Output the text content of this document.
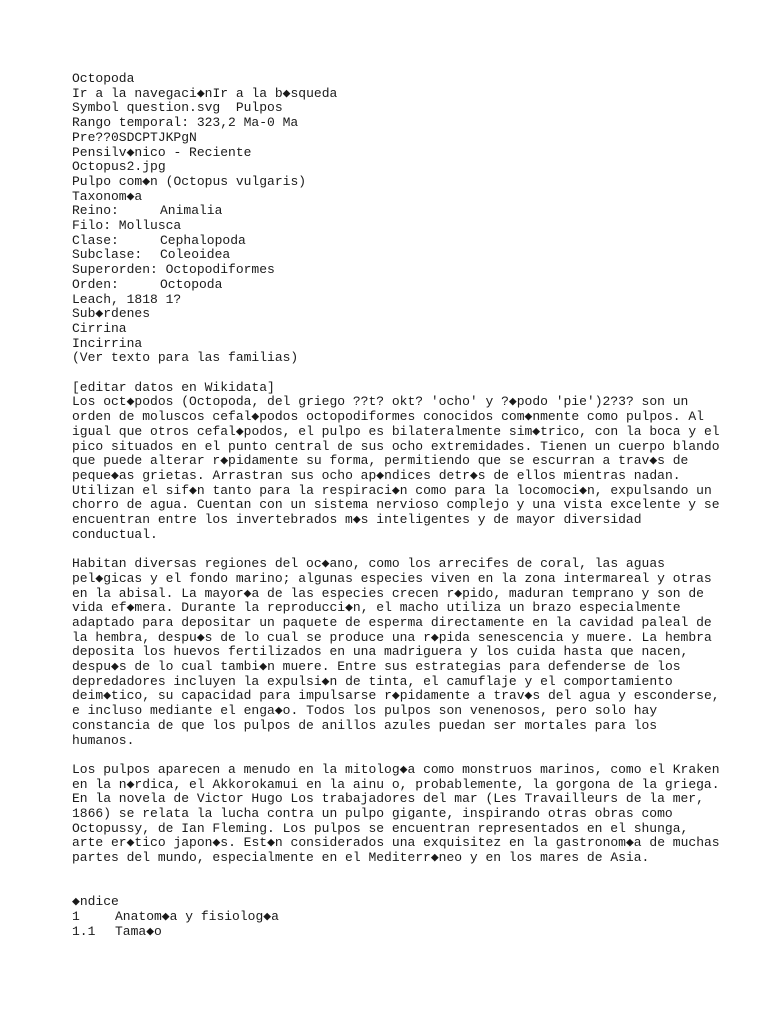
Octopoda
Ir a la navegaci◆nIr a la b◆squeda
Symbol question.svg  Pulpos
Rango temporal: 323,2 Ma-0 Ma
Pre??0SDCPTJKPgN
Pensilv◆nico - Reciente
Octopus2.jpg
Pulpo com◆n (Octopus vulgaris)
Taxonom◆a
Reino:	Animalia
Filo: Mollusca
Clase:	Cephalopoda
Subclase: Coleoidea
Superorden: Octopodiformes
Orden:	Octopoda
Leach, 1818 1?
Sub◆rdenes
Cirrina
Incirrina
(Ver texto para las familias)
[editar datos en Wikidata]
Los oct◆podos (Octopoda, del griego ??t? okt? 'ocho' y ?◆podo 'pie')2?3? son un
orden de moluscos cefal◆podos octopodiformes conocidos com◆nmente como pulpos. Al
igual que otros cefal◆podos, el pulpo es bilateralmente sim◆trico, con la boca y el
pico situados en el punto central de sus ocho extremidades. Tienen un cuerpo blando
que puede alterar r◆pidamente su forma, permitiendo que se escurran a trav◆s de
peque◆as grietas. Arrastran sus ocho ap◆ndices detr◆s de ellos mientras nadan.
Utilizan el sif◆n tanto para la respiraci◆n como para la locomoci◆n, expulsando un
chorro de agua. Cuentan con un sistema nervioso complejo y una vista excelente y se
encuentran entre los invertebrados m◆s inteligentes y de mayor diversidad
conductual.
Habitan diversas regiones del oc◆ano, como los arrecifes de coral, las aguas
pel◆gicas y el fondo marino; algunas especies viven en la zona intermareal y otras
en la abisal. La mayor◆a de las especies crecen r◆pido, maduran temprano y son de
vida ef◆mera. Durante la reproducci◆n, el macho utiliza un brazo especialmente
adaptado para depositar un paquete de esperma directamente en la cavidad paleal de
la hembra, despu◆s de lo cual se produce una r◆pida senescencia y muere. La hembra
deposita los huevos fertilizados en una madriguera y los cuida hasta que nacen,
despu◆s de lo cual tambi◆n muere. Entre sus estrategias para defenderse de los
depredadores incluyen la expulsi◆n de tinta, el camuflaje y el comportamiento
deim◆tico, su capacidad para impulsarse r◆pidamente a trav◆s del agua y esconderse,
e incluso mediante el enga◆o. Todos los pulpos son venenosos, pero solo hay
constancia de que los pulpos de anillos azules puedan ser mortales para los
humanos.
Los pulpos aparecen a menudo en la mitolog◆a como monstruos marinos, como el Kraken
en la n◆rdica, el Akkorokamui en la ainu o, probablemente, la gorgona de la griega.
En la novela de Victor Hugo Los trabajadores del mar (Les Travailleurs de la mer,
1866) se relata la lucha contra un pulpo gigante, inspirando otras obras como
Octopussy, de Ian Fleming. Los pulpos se encuentran representados en el shunga,
arte er◆tico japon◆s. Est◆n considerados una exquisitez en la gastronom◆a de muchas
partes del mundo, especialmente en el Mediterr◆neo y en los mares de Asia.
◆ndice
1	Anatom◆a y fisiolog◆a
1.1 Tama◆o
